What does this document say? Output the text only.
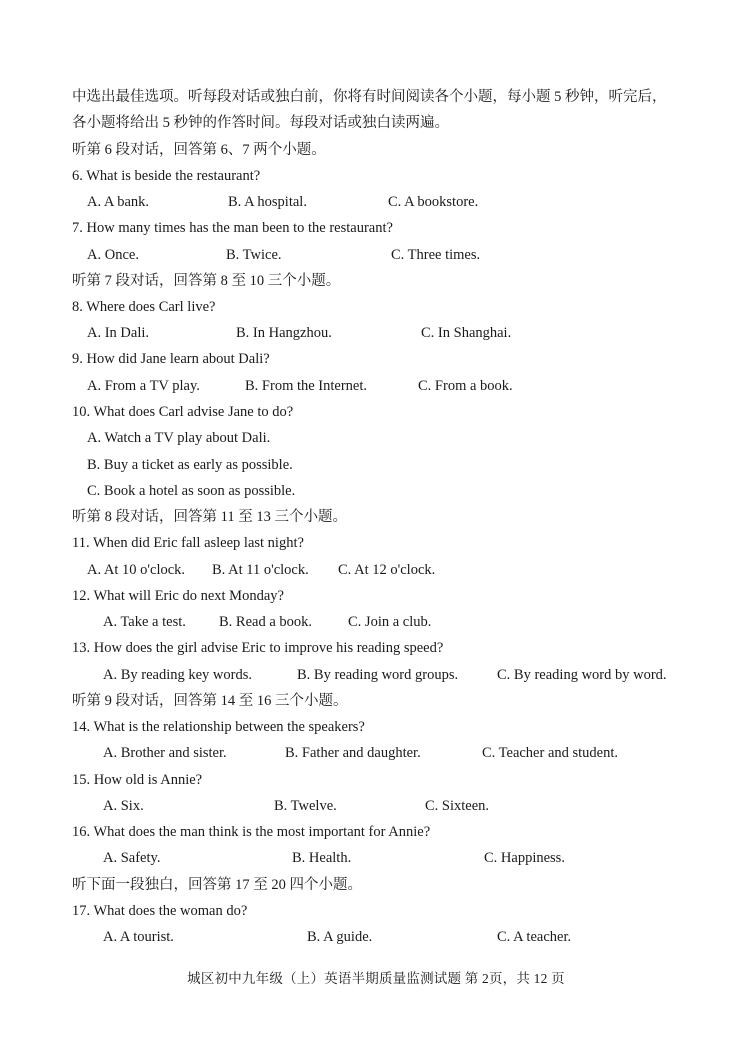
中选出最佳选项。听每段对话或独白前，你将有时间阅读各个小题，每小题 5 秒钟，听完后，
各小题将给出 5 秒钟的作答时间。每段对话或独白读两遍。
听第 6 段对话，回答第 6、7 两个小题。
6. What is beside the restaurant?
A. A bank.	B. A hospital.	C. A bookstore.
7. How many times has the man been to the restaurant?
A. Once.	B. Twice.	C. Three times.
听第 7 段对话，回答第 8 至 10 三个小题。
8. Where does Carl live?
A. In Dali.	B. In Hangzhou.	C. In Shanghai.
9. How did Jane learn about Dali?
A. From a TV play.	B. From the Internet.	C. From a book.
10. What does Carl advise Jane to do?
A. Watch a TV play about Dali.
B. Buy a ticket as early as possible.
C. Book a hotel as soon as possible.
听第 8 段对话，回答第 11 至 13 三个小题。
11. When did Eric fall asleep last night?
A. At 10 o'clock. B. At 11 o'clock. C. At 12 o'clock.
12. What will Eric do next Monday?
A. Take a test. B. Read a book. C. Join a club.
13. How does the girl advise Eric to improve his reading speed?
A. By reading key words.	B. By reading word groups.	C. By reading word by word.
听第 9 段对话，回答第 14 至 16 三个小题。
14. What is the relationship between the speakers?
A. Brother and sister.	B. Father and daughter.	C. Teacher and student.
15. How old is Annie?
A. Six.	B. Twelve.	C. Sixteen.
16. What does the man think is the most important for Annie?
A. Safety.	B. Health.	C. Happiness.
听下面一段独白，回答第 17 至 20 四个小题。
17. What does the woman do?
A. A tourist.	B. A guide.	C. A teacher.
城区初中九年级（上）英语半期质量监测试题 第 2页，共 12 页
